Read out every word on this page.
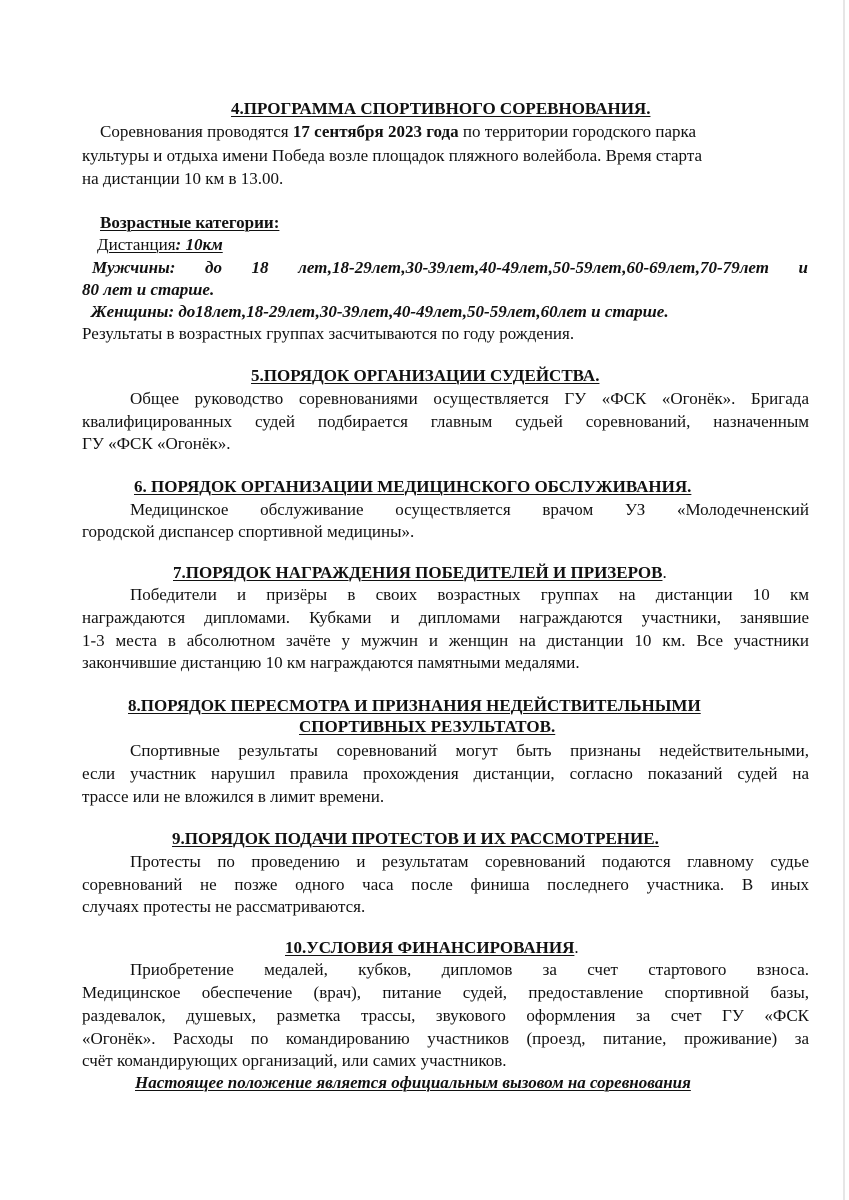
4.ПРОГРАММА СПОРТИВНОГО СОРЕВНОВАНИЯ.
Соревнования проводятся 17 сентября 2023 года по территории городского парка
культуры и отдыха имени Победа возле площадок пляжного волейбола. Время старта
на дистанции 10 км в 13.00.
Возрастные категории:
Дистанция: 10км
Мужчины: до 18 лет,18-29лет,30-39лет,40-49лет,50-59лет,60-69лет,70-79лет и
80 лет и старше.
Женщины: до18лет,18-29лет,30-39лет,40-49лет,50-59лет,60лет и старше.
Результаты в возрастных группах засчитываются по году рождения.
5.ПОРЯДОК ОРГАНИЗАЦИИ СУДЕЙСТВА.
Общее руководство соревнованиями осуществляется ГУ «ФСК «Огонёк». Бригада
квалифицированных судей подбирается главным судьей соревнований, назначенным
ГУ «ФСК «Огонёк».
6. ПОРЯДОК ОРГАНИЗАЦИИ МЕДИЦИНСКОГО ОБСЛУЖИВАНИЯ.
Медицинское обслуживание осуществляется врачом УЗ «Молодечненский
городской диспансер спортивной медицины».
7.ПОРЯДОК НАГРАЖДЕНИЯ ПОБЕДИТЕЛЕЙ И ПРИЗЕРОВ.
Победители и призёры в своих возрастных группах на дистанции 10 км
награждаются дипломами. Кубками и дипломами награждаются участники, занявшие
1-3 места в абсолютном зачёте у мужчин и женщин на дистанции 10 км. Все участники
закончившие дистанцию 10 км награждаются памятными медалями.
8.ПОРЯДОК ПЕРЕСМОТРА И ПРИЗНАНИЯ НЕДЕЙСТВИТЕЛЬНЫМИ
СПОРТИВНЫХ РЕЗУЛЬТАТОВ.
Спортивные результаты соревнований могут быть признаны недействительными,
если участник нарушил правила прохождения дистанции, согласно показаний судей на
трассе или не вложился в лимит времени.
9.ПОРЯДОК ПОДАЧИ ПРОТЕСТОВ И ИХ РАССМОТРЕНИЕ.
Протесты по проведению и результатам соревнований подаются главному судье
соревнований не позже одного часа после финиша последнего участника. В иных
случаях протесты не рассматриваются.
10.УСЛОВИЯ ФИНАНСИРОВАНИЯ.
Приобретение медалей, кубков, дипломов за счет стартового взноса.
Медицинское обеспечение (врач), питание судей, предоставление спортивной базы,
раздевалок, душевых, разметка трассы, звукового оформления за счет ГУ «ФСК
«Огонёк». Расходы по командированию участников (проезд, питание, проживание) за
счёт командирующих организаций, или самих участников.
Настоящее положение является официальным вызовом на соревнования
